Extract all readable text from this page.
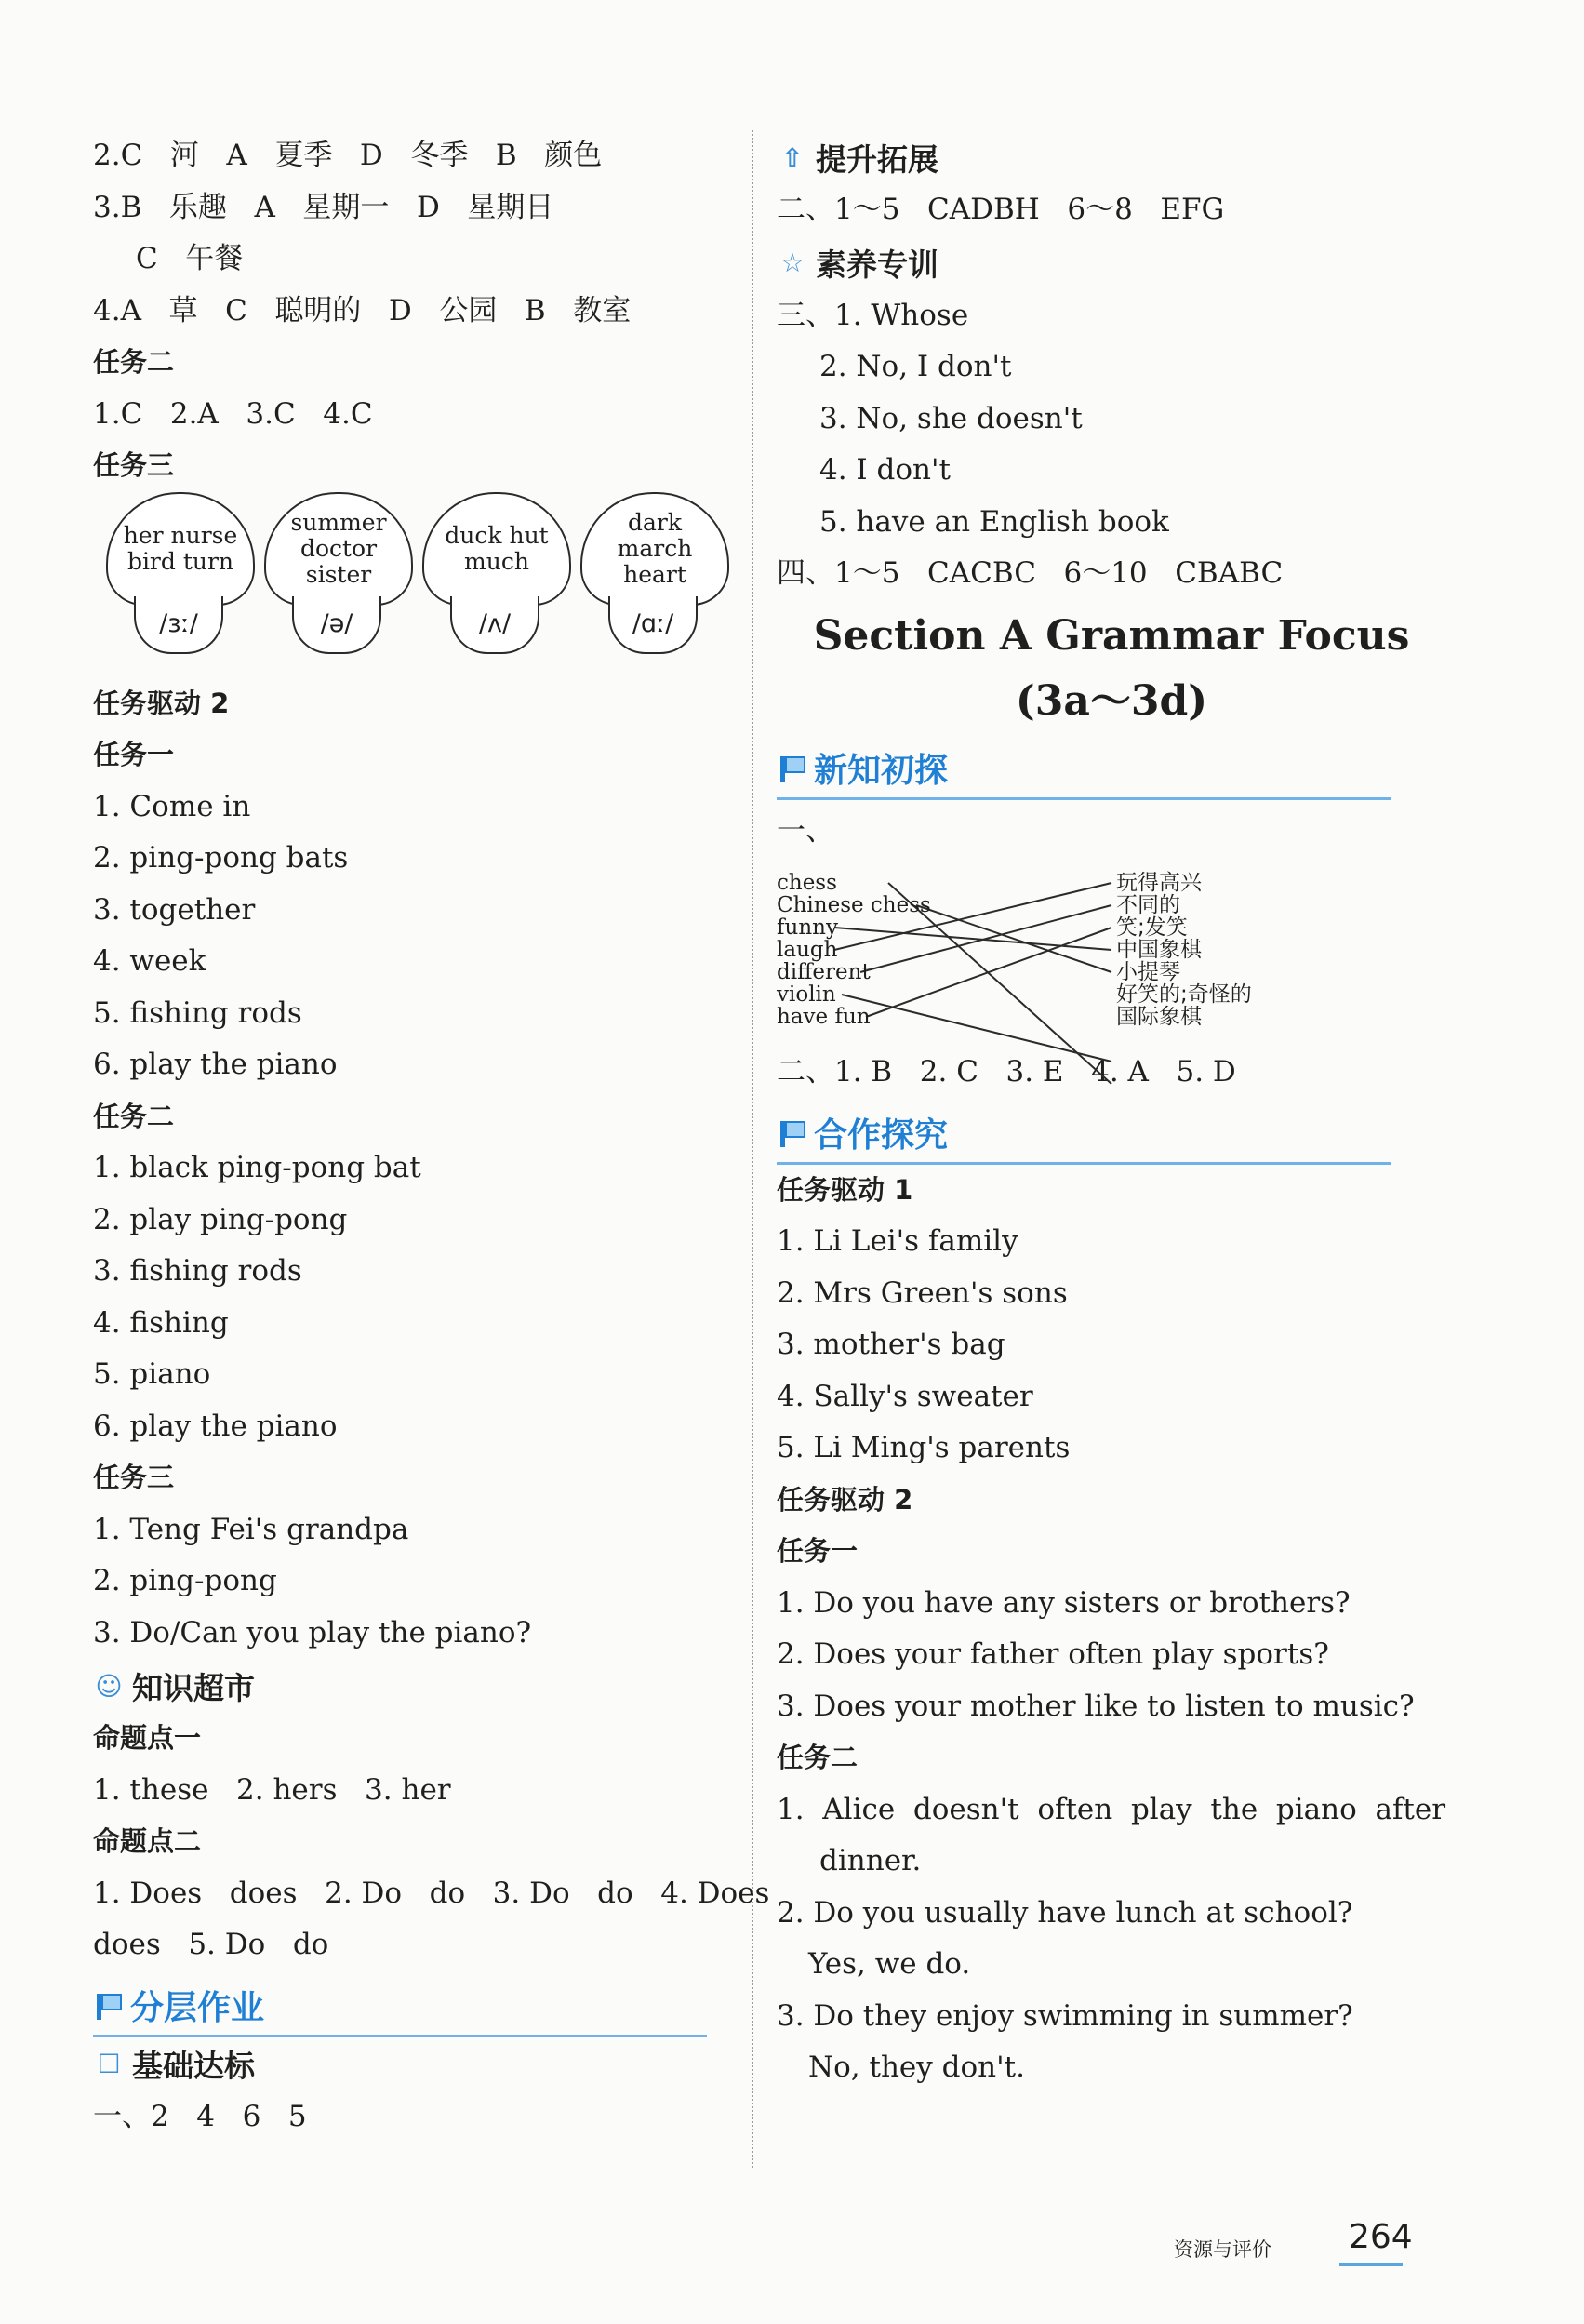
2.C   河   A   夏季   D   冬季   B   颜色
3.B   乐趣   A   星期一   D   星期日
C   午餐
4.A   草   C   聪明的   D   公园   B   教室
任务二
1.C   2.A   3.C   4.C
任务三
her nurse
bird turn
/ɜː/
summer
doctor
sister
/ə/
duck hut
much
/ʌ/
dark
march
heart
/ɑː/
任务驱动 2
任务一
1. Come in
2. ping-pong bats
3. together
4. week
5. fishing rods
6. play the piano
任务二
1. black ping-pong bat
2. play ping-pong
3. fishing rods
4. fishing
5. piano
6. play the piano
任务三
1. Teng Fei's grandpa
2. ping-pong
3. Do/Can you play the piano?
☺ 知识超市
命题点一
1. these   2. hers   3. her
命题点二
1. Does   does   2. Do   do   3. Do   do   4. Does
does   5. Do   do
分层作业
☐ 基础达标
一、2   4   6   5
⇧ 提升拓展
二、1～5   CADBH   6～8   EFG
☆ 素养专训
三、1. Whose
2. No, I don't
3. No, she doesn't
4. I don't
5. have an English book
四、1～5   CACBC   6～10   CBABC
Section A Grammar Focus
(3a～3d)
新知初探
一、
chess
Chinese chess
funny
laugh
different
violin
have fun
玩得高兴
不同的
笑;发笑
中国象棋
小提琴
好笑的;奇怪的
国际象棋
二、1. B   2. C   3. E   4. A   5. D
合作探究
任务驱动 1
1. Li Lei's family
2. Mrs Green's sons
3. mother's bag
4. Sally's sweater
5. Li Ming's parents
任务驱动 2
任务一
1. Do you have any sisters or brothers?
2. Does your father often play sports?
3. Does your mother like to listen to music?
任务二
1.  Alice  doesn't  often  play  the  piano  after
dinner.
2. Do you usually have lunch at school?
Yes, we do.
3. Do they enjoy swimming in summer?
No, they don't.
资源与评价 264
